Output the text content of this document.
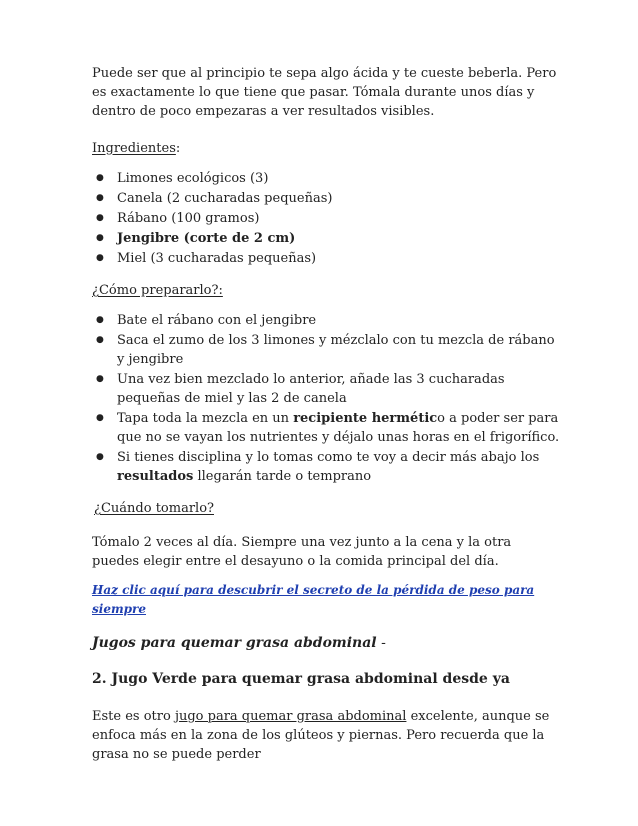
Puede ser que al principio te sepa algo ácida y te cueste beberla. Pero es exactamente lo que tiene que pasar. Tómala durante unos días y dentro de poco empezaras a ver resultados visibles.

Ingredientes:

● Limones ecológicos (3)
● Canela (2 cucharadas pequeñas)
● Rábano (100 gramos)
● Jengibre (corte de 2 cm)
● Miel (3 cucharadas pequeñas)

¿Cómo prepararlo?:

● Bate el rábano con el jengibre
● Saca el zumo de los 3 limones y mézclalo con tu mezcla de rábano y jengibre
● Una vez bien mezclado lo anterior, añade las 3 cucharadas pequeñas de miel y las 2 de canela
● Tapa toda la mezcla en un recipiente hermético a poder ser para que no se vayan los nutrientes y déjalo unas horas en el frigorífico.
● Si tienes disciplina y lo tomas como te voy a decir más abajo los resultados llegarán tarde o temprano

¿Cuándo tomarlo?

Tómalo 2 veces al día. Siempre una vez junto a la cena y la otra puedes elegir entre el desayuno o la comida principal del día.

Haz clic aquí para descubrir el secreto de la pérdida de peso para siempre

Jugos para quemar grasa abdominal -

2. Jugo Verde para quemar grasa abdominal desde ya

Este es otro jugo para quemar grasa abdominal excelente, aunque se enfoca más en la zona de los glúteos y piernas. Pero recuerda que la grasa no se puede perder
